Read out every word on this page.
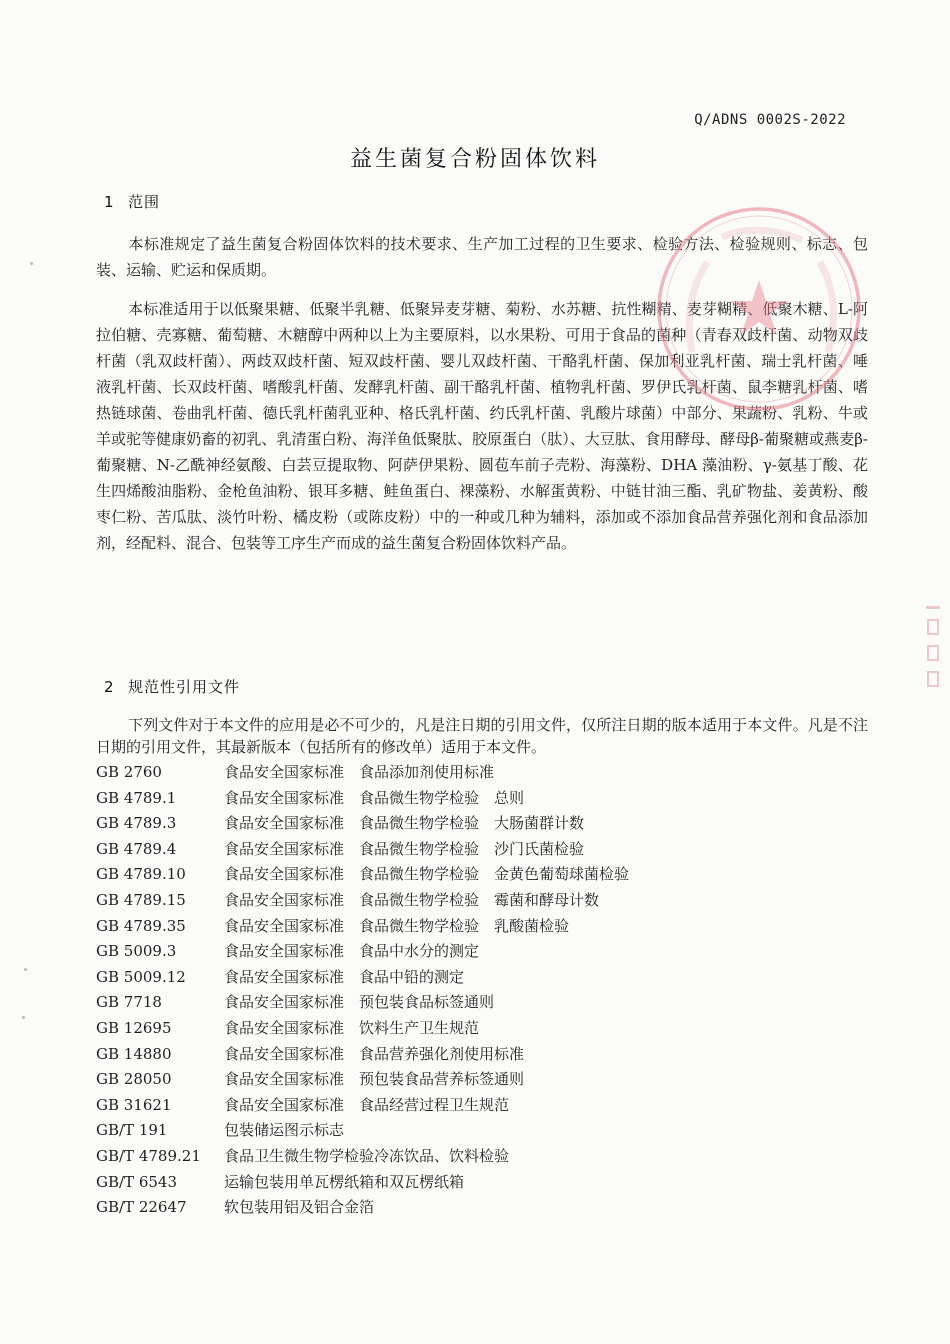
Q/ADNS 0002S-2022
益生菌复合粉固体饮料
1 范围

本标准规定了益生菌复合粉固体饮料的技术要求、生产加工过程的卫生要求、检验方法、检验规则、标志、包装、运输、贮运和保质期。

本标准适用于以低聚果糖、低聚半乳糖、低聚异麦芽糖、菊粉、水苏糖、抗性糊精、麦芽糊精、低聚木糖、L-阿拉伯糖、壳寡糖、葡萄糖、木糖醇中两种以上为主要原料，以水果粉、可用于食品的菌种（青春双歧杆菌、动物双歧杆菌（乳双歧杆菌）、两歧双歧杆菌、短双歧杆菌、婴儿双歧杆菌、干酪乳杆菌、保加利亚乳杆菌、瑞士乳杆菌、唾液乳杆菌、长双歧杆菌、嗜酸乳杆菌、发酵乳杆菌、副干酪乳杆菌、植物乳杆菌、罗伊氏乳杆菌、鼠李糖乳杆菌、嗜热链球菌、卷曲乳杆菌、德氏乳杆菌乳亚种、格氏乳杆菌、约氏乳杆菌、乳酸片球菌）中部分、果蔬粉、乳粉、牛或羊或驼等健康奶畜的初乳、乳清蛋白粉、海洋鱼低聚肽、胶原蛋白（肽）、大豆肽、食用酵母、酵母β-葡聚糖或燕麦β-葡聚糖、N-乙酰神经氨酸、白芸豆提取物、阿萨伊果粉、圆苞车前子壳粉、海藻粉、DHA 藻油粉、γ-氨基丁酸、花生四烯酸油脂粉、金枪鱼油粉、银耳多糖、鲑鱼蛋白、裸藻粉、水解蛋黄粉、中链甘油三酯、乳矿物盐、姜黄粉、酸枣仁粉、苦瓜肽、淡竹叶粉、橘皮粉（或陈皮粉）中的一种或几种为辅料，添加或不添加食品营养强化剂和食品添加剂，经配料、混合、包装等工序生产而成的益生菌复合粉固体饮料产品。

2 规范性引用文件

下列文件对于本文件的应用是必不可少的，凡是注日期的引用文件，仅所注日期的版本适用于本文件。凡是不注日期的引用文件，其最新版本（包括所有的修改单）适用于本文件。

GB 2760	食品安全国家标准　食品添加剂使用标准
GB 4789.1	食品安全国家标准　食品微生物学检验　总则
GB 4789.3	食品安全国家标准　食品微生物学检验　大肠菌群计数
GB 4789.4	食品安全国家标准　食品微生物学检验　沙门氏菌检验
GB 4789.10	食品安全国家标准　食品微生物学检验　金黄色葡萄球菌检验
GB 4789.15	食品安全国家标准　食品微生物学检验　霉菌和酵母计数
GB 4789.35	食品安全国家标准　食品微生物学检验　乳酸菌检验
GB 5009.3	食品安全国家标准　食品中水分的测定
GB 5009.12	食品安全国家标准　食品中铅的测定
GB 7718	食品安全国家标准　预包装食品标签通则
GB 12695	食品安全国家标准　饮料生产卫生规范
GB 14880	食品安全国家标准　食品营养强化剂使用标准
GB 28050	食品安全国家标准　预包装食品营养标签通则
GB 31621	食品安全国家标准　食品经营过程卫生规范
GB/T 191	包装储运图示标志
GB/T 4789.21	食品卫生微生物学检验冷冻饮品、饮料检验
GB/T 6543	运输包装用单瓦楞纸箱和双瓦楞纸箱
GB/T 22647	软包装用铝及铝合金箔
